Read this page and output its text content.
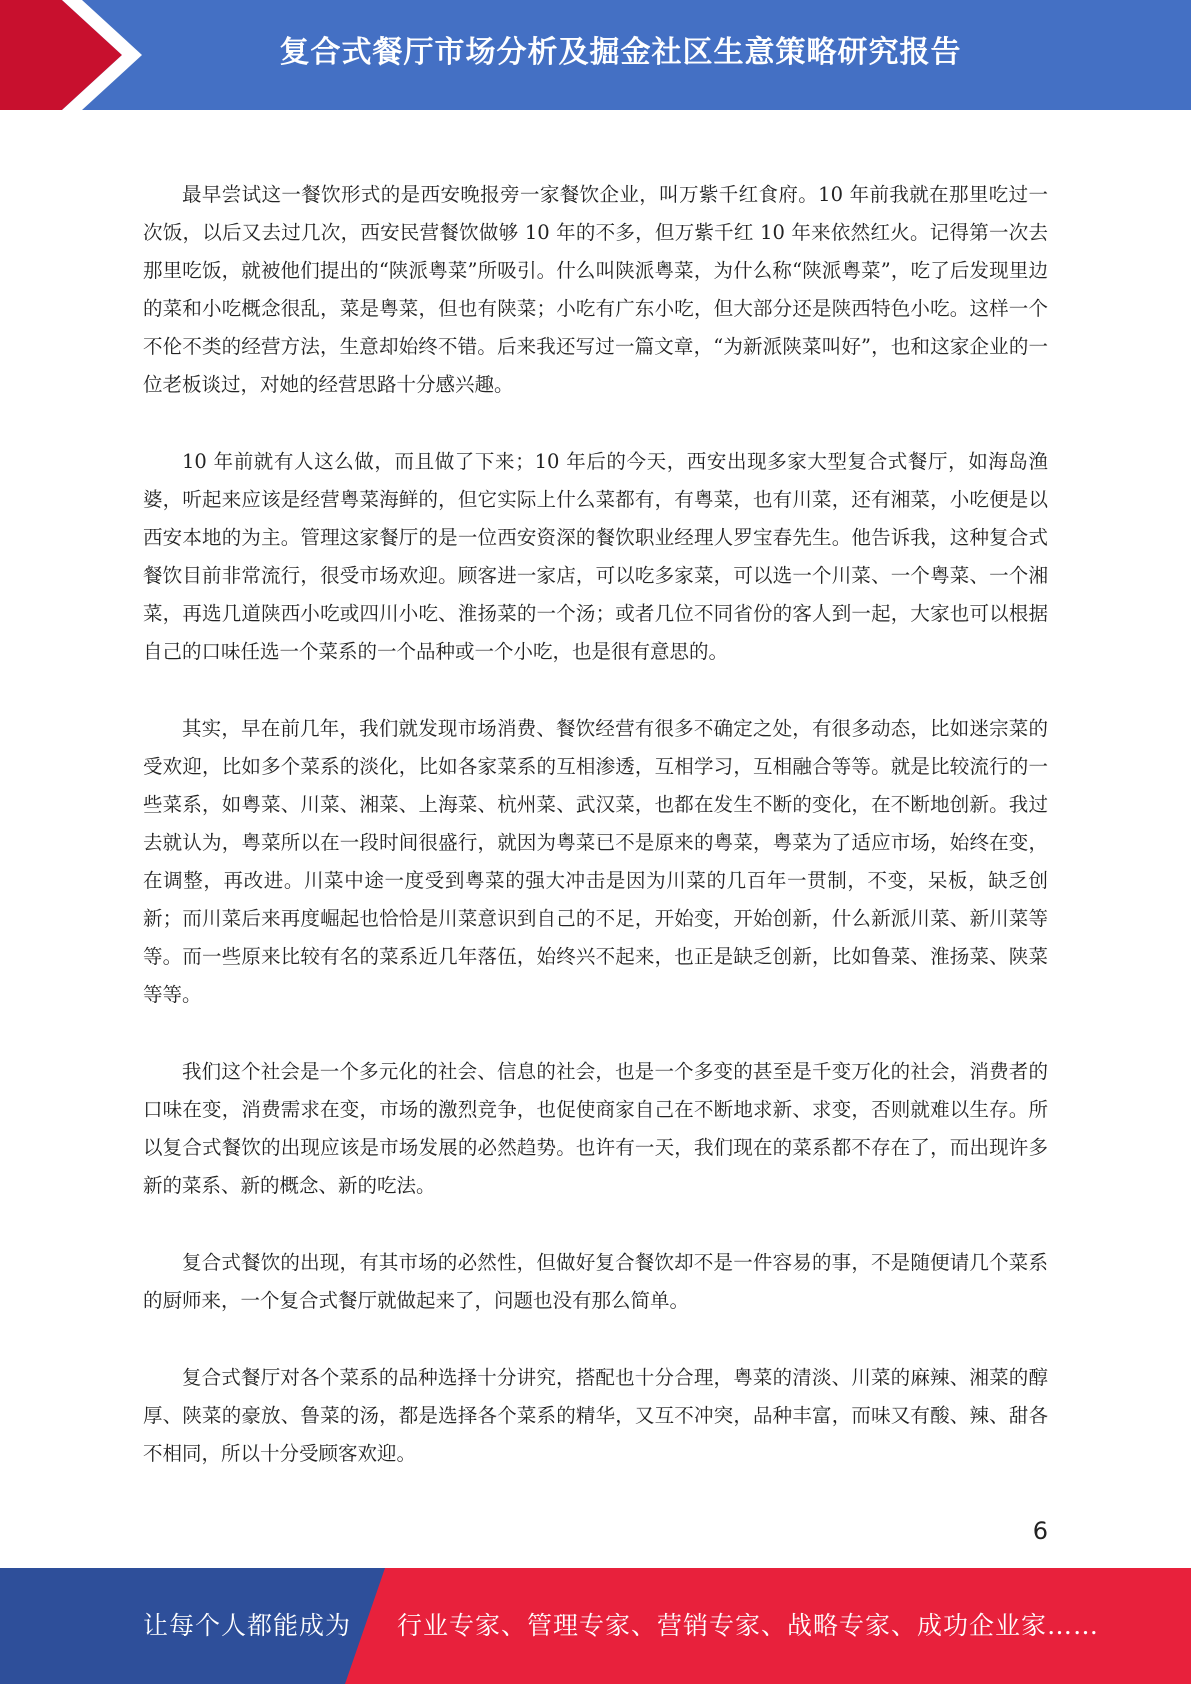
复合式餐厅市场分析及掘金社区生意策略研究报告

最早尝试这一餐饮形式的是西安晚报旁一家餐饮企业，叫万紫千红食府。10 年前我就在那里吃过一次饭，以后又去过几次，西安民营餐饮做够 10 年的不多，但万紫千红 10 年来依然红火。记得第一次去那里吃饭，就被他们提出的“陕派粤菜”所吸引。什么叫陕派粤菜，为什么称“陕派粤菜”，吃了后发现里边的菜和小吃概念很乱，菜是粤菜，但也有陕菜；小吃有广东小吃，但大部分还是陕西特色小吃。这样一个不伦不类的经营方法，生意却始终不错。后来我还写过一篇文章，“为新派陕菜叫好”，也和这家企业的一位老板谈过，对她的经营思路十分感兴趣。

10 年前就有人这么做，而且做了下来；10 年后的今天，西安出现多家大型复合式餐厅，如海岛渔婆，听起来应该是经营粤菜海鲜的，但它实际上什么菜都有，有粤菜，也有川菜，还有湘菜，小吃便是以西安本地的为主。管理这家餐厅的是一位西安资深的餐饮职业经理人罗宝春先生。他告诉我，这种复合式餐饮目前非常流行，很受市场欢迎。顾客进一家店，可以吃多家菜，可以选一个川菜、一个粤菜、一个湘菜，再选几道陕西小吃或四川小吃、淮扬菜的一个汤；或者几位不同省份的客人到一起，大家也可以根据自己的口味任选一个菜系的一个品种或一个小吃，也是很有意思的。

其实，早在前几年，我们就发现市场消费、餐饮经营有很多不确定之处，有很多动态，比如迷宗菜的受欢迎，比如多个菜系的淡化，比如各家菜系的互相渗透，互相学习，互相融合等等。就是比较流行的一些菜系，如粤菜、川菜、湘菜、上海菜、杭州菜、武汉菜，也都在发生不断的变化，在不断地创新。我过去就认为，粤菜所以在一段时间很盛行，就因为粤菜已不是原来的粤菜，粤菜为了适应市场，始终在变，在调整，再改进。川菜中途一度受到粤菜的强大冲击是因为川菜的几百年一贯制，不变，呆板，缺乏创新；而川菜后来再度崛起也恰恰是川菜意识到自己的不足，开始变，开始创新，什么新派川菜、新川菜等等。而一些原来比较有名的菜系近几年落伍，始终兴不起来，也正是缺乏创新，比如鲁菜、淮扬菜、陕菜等等。

我们这个社会是一个多元化的社会、信息的社会，也是一个多变的甚至是千变万化的社会，消费者的口味在变，消费需求在变，市场的激烈竞争，也促使商家自己在不断地求新、求变，否则就难以生存。所以复合式餐饮的出现应该是市场发展的必然趋势。也许有一天，我们现在的菜系都不存在了，而出现许多新的菜系、新的概念、新的吃法。

复合式餐饮的出现，有其市场的必然性，但做好复合餐饮却不是一件容易的事，不是随便请几个菜系的厨师来，一个复合式餐厅就做起来了，问题也没有那么简单。

复合式餐厅对各个菜系的品种选择十分讲究，搭配也十分合理，粤菜的清淡、川菜的麻辣、湘菜的醇厚、陕菜的豪放、鲁菜的汤，都是选择各个菜系的精华，又互不冲突，品种丰富，而味又有酸、辣、甜各不相同，所以十分受顾客欢迎。

6
让每个人都能成为 行业专家、管理专家、营销专家、战略专家、成功企业家……
